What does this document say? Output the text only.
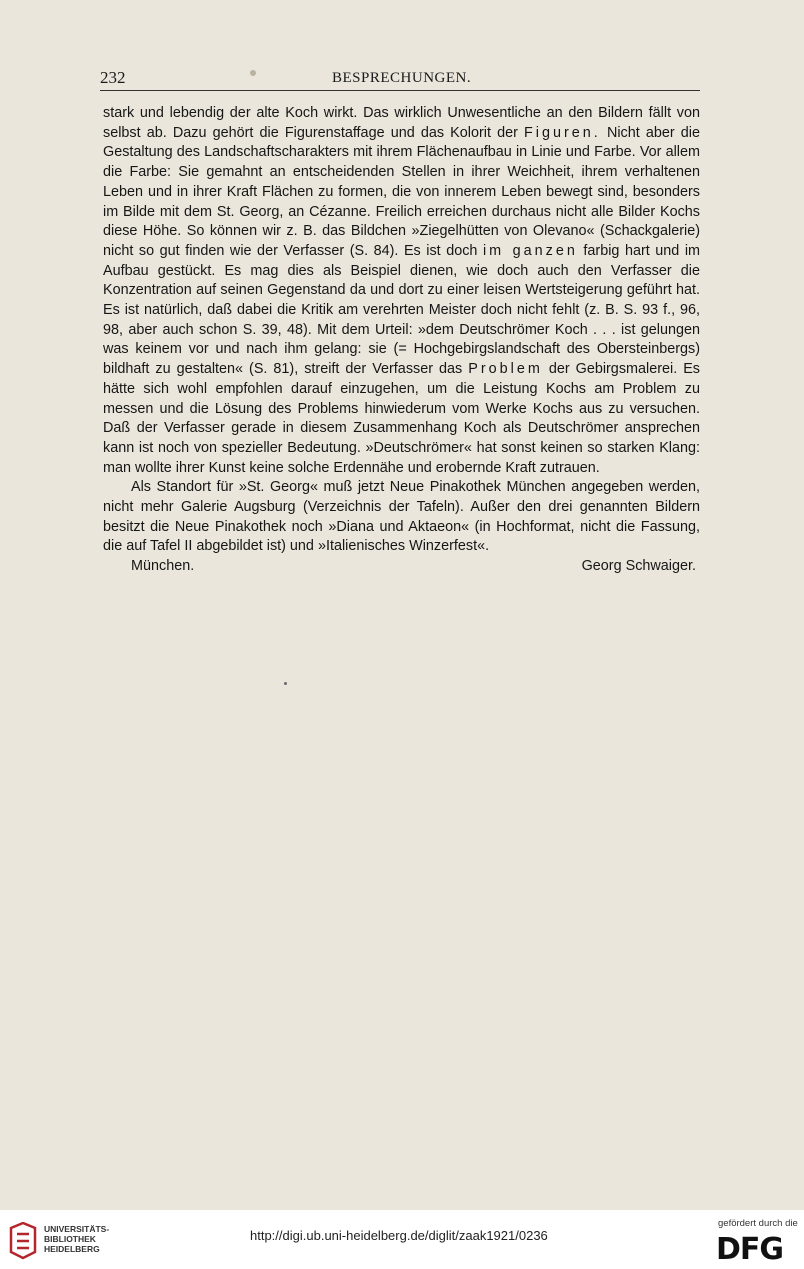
232	BESPRECHUNGEN.

stark und lebendig der alte Koch wirkt. Das wirklich Unwesentliche an den Bildern fällt von selbst ab. Dazu gehört die Figurenstaffage und das Kolorit der Figuren. Nicht aber die Gestaltung des Landschaftscharakters mit ihrem Flächenaufbau in Linie und Farbe. Vor allem die Farbe: Sie gemahnt an entscheidenden Stellen in ihrer Weichheit, ihrem verhaltenen Leben und in ihrer Kraft Flächen zu formen, die von innerem Leben bewegt sind, besonders im Bilde mit dem St. Georg, an Cézanne. Freilich erreichen durchaus nicht alle Bilder Kochs diese Höhe. So können wir z. B. das Bildchen »Ziegelhütten von Olevano« (Schackgalerie) nicht so gut finden wie der Verfasser (S. 84). Es ist doch im ganzen farbig hart und im Aufbau gestückt. Es mag dies als Beispiel dienen, wie doch auch den Verfasser die Konzentration auf seinen Gegenstand da und dort zu einer leisen Wertsteigerung geführt hat. Es ist natürlich, daß dabei die Kritik am verehrten Meister doch nicht fehlt (z. B. S. 93 f., 96, 98, aber auch schon S. 39, 48). Mit dem Urteil: »dem Deutschrömer Koch . . . ist gelungen was keinem vor und nach ihm gelang: sie (= Hochgebirgslandschaft des Obersteinbergs) bildhaft zu gestalten« (S. 81), streift der Verfasser das Problem der Gebirgsmalerei. Es hätte sich wohl empfohlen darauf einzugehen, um die Leistung Kochs am Problem zu messen und die Lösung des Problems hinwiederum vom Werke Kochs aus zu versuchen. Daß der Verfasser gerade in diesem Zusammenhang Koch als Deutschrömer ansprechen kann ist noch von spezieller Bedeutung. »Deutschrömer« hat sonst keinen so starken Klang: man wollte ihrer Kunst keine solche Erdennähe und erobernde Kraft zutrauen.

Als Standort für »St. Georg« muß jetzt Neue Pinakothek München angegeben werden, nicht mehr Galerie Augsburg (Verzeichnis der Tafeln). Außer den drei genannten Bildern besitzt die Neue Pinakothek noch »Diana und Aktaeon« (in Hochformat, nicht die Fassung, die auf Tafel II abgebildet ist) und »Italienisches Winzerfest«.

München.	Georg Schwaiger.
UNIVERSITÄTS-
BIBLIOTHEK
HEIDELBERG
http://digi.ub.uni-heidelberg.de/diglit/zaak1921/0236
gefördert durch die
DFG
